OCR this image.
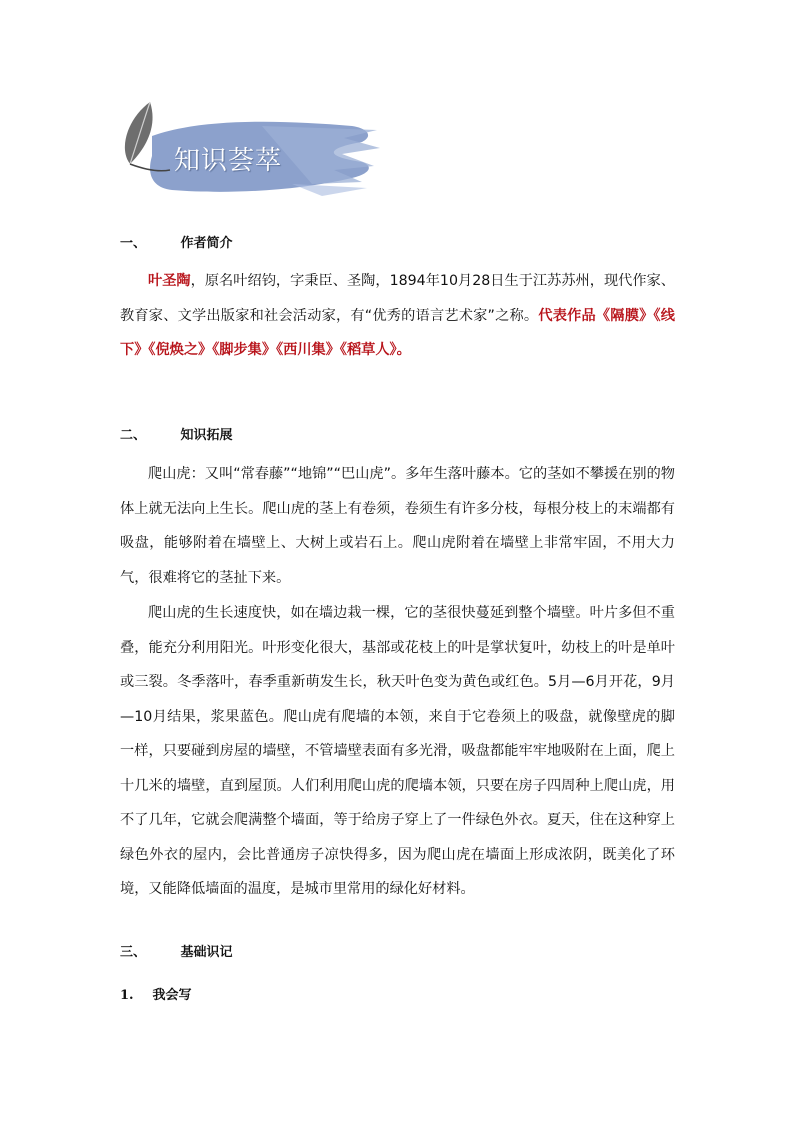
知识荟萃
一、	作者简介
叶圣陶，原名叶绍钧，字秉臣、圣陶，1894年10月28日生于江苏苏州，现代作家、教育家、文学出版家和社会活动家，有“优秀的语言艺术家”之称。代表作品《隔膜》《线下》《倪焕之》《脚步集》《西川集》《稻草人》。
二、	知识拓展
爬山虎：又叫“常春藤”“地锦”“巴山虎”。多年生落叶藤本。它的茎如不攀援在别的物体上就无法向上生长。爬山虎的茎上有卷须，卷须生有许多分枝，每根分枝上的末端都有吸盘，能够附着在墙壁上、大树上或岩石上。爬山虎附着在墙壁上非常牢固，不用大力气，很难将它的茎扯下来。
爬山虎的生长速度快，如在墙边栽一棵，它的茎很快蔓延到整个墙壁。叶片多但不重叠，能充分利用阳光。叶形变化很大，基部或花枝上的叶是掌状复叶，幼枝上的叶是单叶或三裂。冬季落叶，春季重新萌发生长，秋天叶色变为黄色或红色。5月—6月开花，9月—10月结果，浆果蓝色。爬山虎有爬墙的本领，来自于它卷须上的吸盘，就像壁虎的脚一样，只要碰到房屋的墙壁，不管墙壁表面有多光滑，吸盘都能牢牢地吸附在上面，爬上十几米的墙壁，直到屋顶。人们利用爬山虎的爬墙本领，只要在房子四周种上爬山虎，用不了几年，它就会爬满整个墙面，等于给房子穿上了一件绿色外衣。夏天，住在这种穿上绿色外衣的屋内，会比普通房子凉快得多，因为爬山虎在墙面上形成浓阴，既美化了环境，又能降低墙面的温度，是城市里常用的绿化好材料。
三、	基础识记
1. 我会写
